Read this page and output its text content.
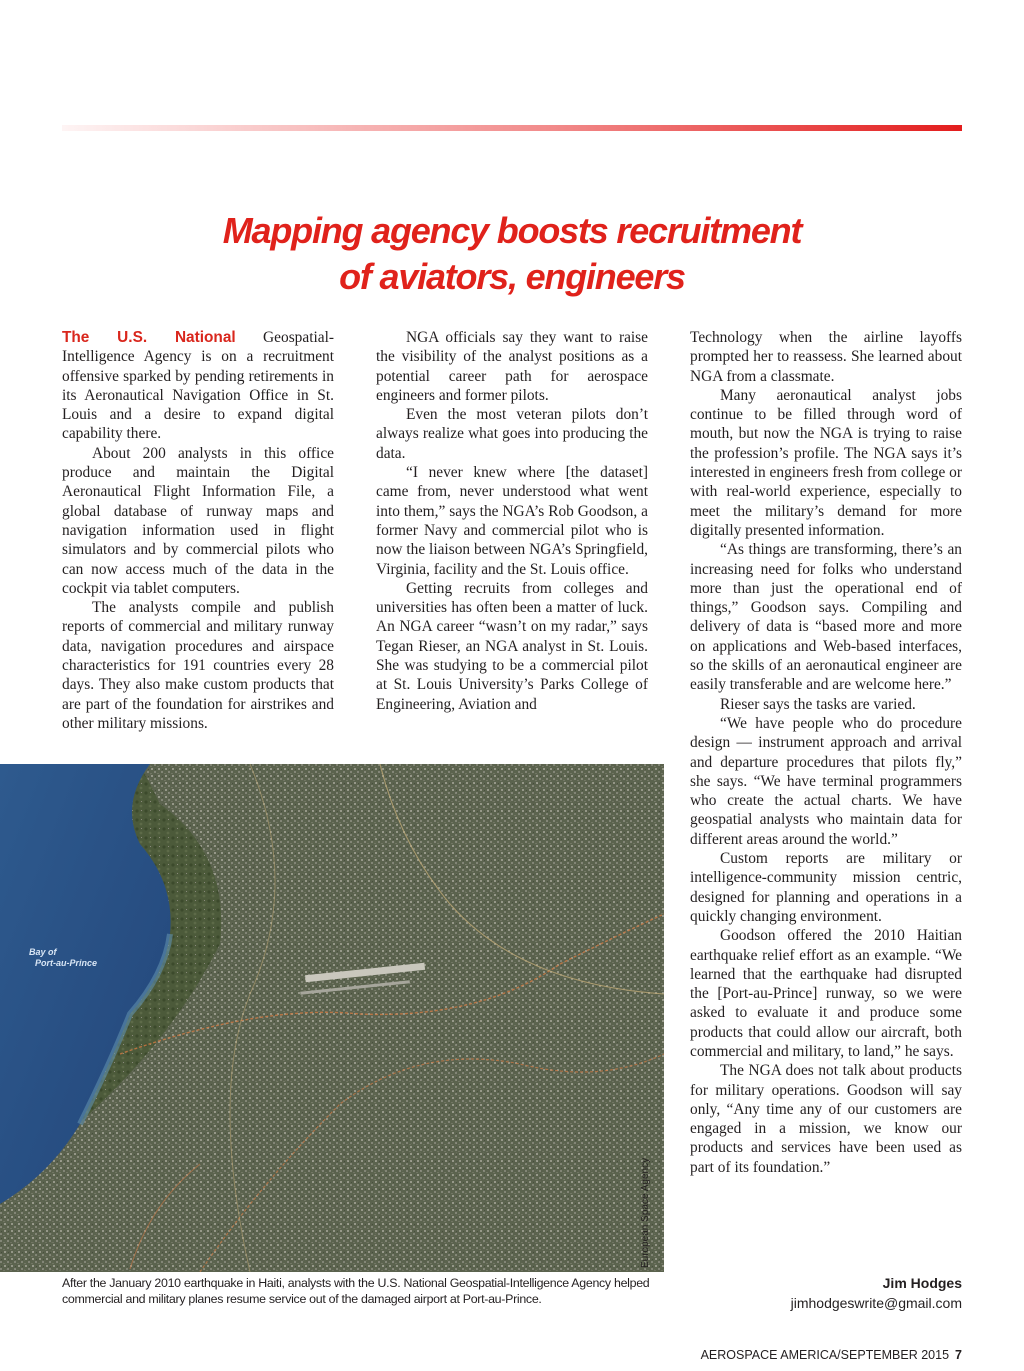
Mapping agency boosts recruitment
of aviators, engineers

The U.S. National Geospatial-Intelligence Agency is on a recruitment offensive sparked by pending retirements in its Aeronautical Navigation Office in St. Louis and a desire to expand digital capability there.

About 200 analysts in this office produce and maintain the Digital Aeronautical Flight Information File, a global database of runway maps and navigation information used in flight simulators and by commercial pilots who can now access much of the data in the cockpit via tablet computers.

The analysts compile and publish reports of commercial and military runway data, navigation procedures and airspace characteristics for 191 countries every 28 days. They also make custom products that are part of the foundation for airstrikes and other military missions.

NGA officials say they want to raise the visibility of the analyst positions as a potential career path for aerospace engineers and former pilots.

Even the most veteran pilots don’t always realize what goes into producing the data.

“I never knew where [the dataset] came from, never understood what went into them,” says the NGA’s Rob Goodson, a former Navy and commercial pilot who is now the liaison between NGA’s Springfield, Virginia, facility and the St. Louis office.

Getting recruits from colleges and universities has often been a matter of luck. An NGA career “wasn’t on my radar,” says Tegan Rieser, an NGA analyst in St. Louis. She was studying to be a commercial pilot at St. Louis University’s Parks College of Engineering, Aviation and

Technology when the airline layoffs prompted her to reassess. She learned about NGA from a classmate.

Many aeronautical analyst jobs continue to be filled through word of mouth, but now the NGA is trying to raise the profession’s profile. The NGA says it’s interested in engineers fresh from college or with real-world experience, especially to meet the military’s demand for more digitally presented information.

“As things are transforming, there’s an increasing need for folks who understand more than just the operational end of things,” Goodson says. Compiling and delivery of data is “based more and more on applications and Web-based interfaces, so the skills of an aeronautical engineer are easily transferable and are welcome here.”

Rieser says the tasks are varied.

“We have people who do procedure design — instrument approach and arrival and departure procedures that pilots fly,” she says. “We have terminal programmers who create the actual charts. We have geospatial analysts who maintain data for different areas around the world.”

Custom reports are military or intelligence-community mission centric, designed for planning and operations in a quickly changing environment.

Goodson offered the 2010 Haitian earthquake relief effort as an example. “We learned that the earthquake had disrupted the [Port-au-Prince] runway, so we were asked to evaluate it and produce some products that could allow our aircraft, both commercial and military, to land,” he says.

The NGA does not talk about products for military operations. Goodson will say only, “Any time any of our customers are engaged in a mission, we know our products and services have been used as part of its foundation.”

Bay of Port-au-Prince
European Space Agency
After the January 2010 earthquake in Haiti, analysts with the U.S. National Geospatial-Intelligence Agency helped commercial and military planes resume service out of the damaged airport at Port-au-Prince.
Jim Hodges
jimhodgeswrite@gmail.com
AEROSPACE AMERICA/SEPTEMBER 2015 7
